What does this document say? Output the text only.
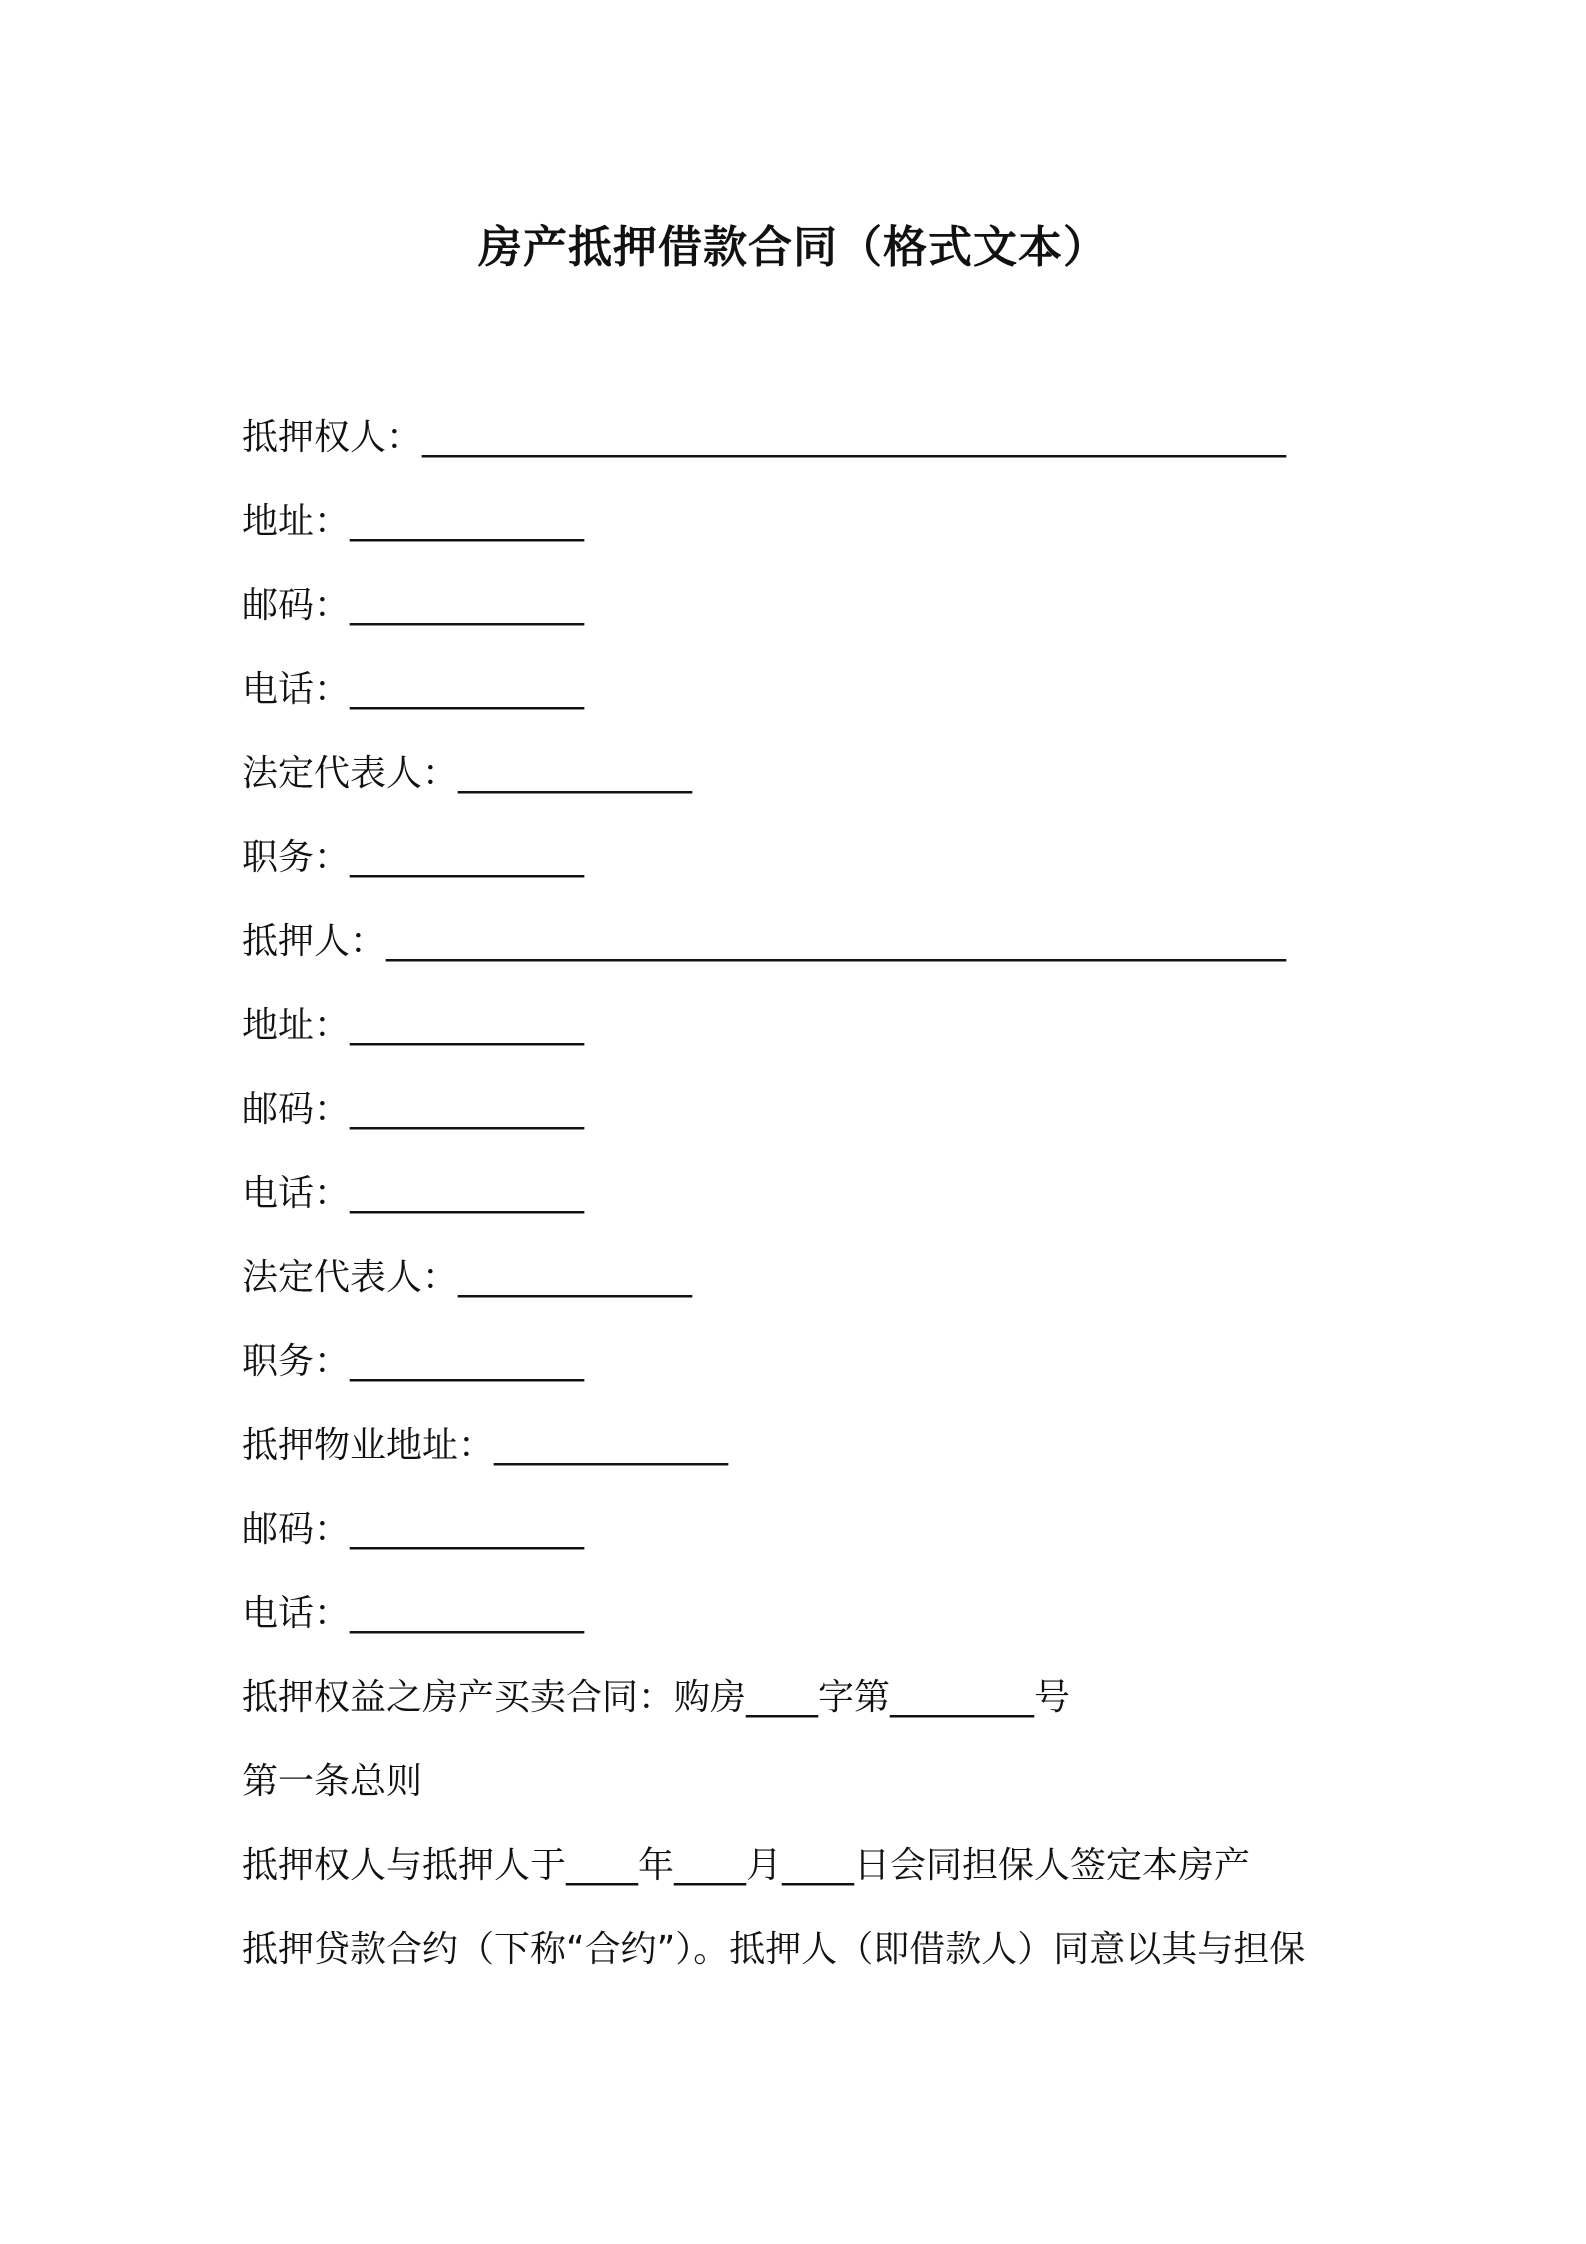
房产抵押借款合同（格式文本）
抵押权人：________________________________________________
地址：_____________
邮码：_____________
电话：_____________
法定代表人：_____________
职务：_____________
抵押人：__________________________________________________
地址：_____________
邮码：_____________
电话：_____________
法定代表人：_____________
职务：_____________
抵押物业地址：_____________
邮码：_____________
电话：_____________
抵押权益之房产买卖合同：购房____字第________号
第一条总则
抵押权人与抵押人于____年____月____日会同担保人签定本房产
抵押贷款合约（下称“合约”）。抵押人（即借款人）同意以其与担保
